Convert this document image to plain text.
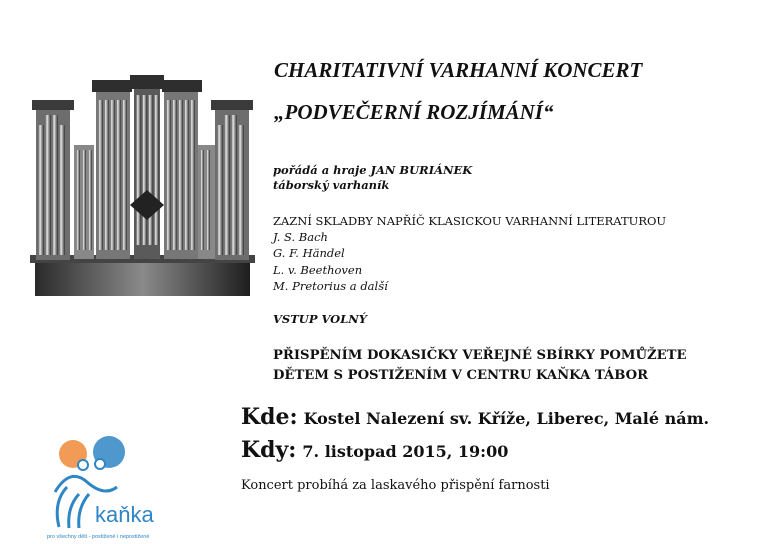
CHARITATIVNÍ VARHANNÍ KONCERT
„PODVEČERNÍ ROZJÍMÁNÍ“
pořádá a hraje JAN BURIÁNEK
táborský varhaník
ZAZNÍ SKLADBY NAPŘÍČ KLASICKOU VARHANNÍ LITERATUROU
J. S. Bach
G. F. Händel
L. v. Beethoven
M. Pretorius a další
VSTUP VOLNÝ
PŘISPĚNÍM DOKASIČKY VEŘEJNÉ SBÍRKY POMŮŽETE
DĚTEM S POSTIŽENÍM V CENTRU KAŇKA TÁBOR
Kde: Kostel Nalezení sv. Kříže, Liberec, Malé nám.
Kdy: 7. listopad 2015, 19:00
Koncert probíhá za laskavého přispění farnosti
kaňka
pro všechny děti - postižené i nepostižené
